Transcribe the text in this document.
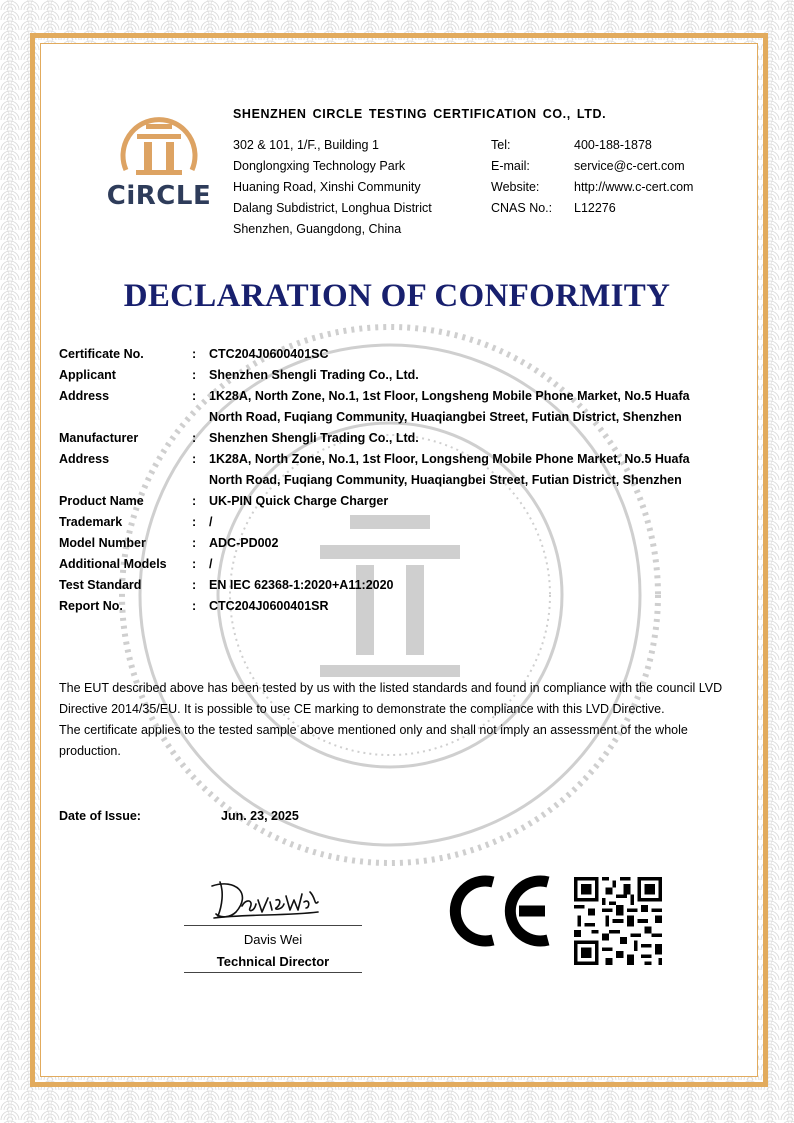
CiRCLE
SHENZHEN CIRCLE TESTING CERTIFICATION CO., LTD.
302 & 101, 1/F., Building 1
Donglongxing Technology Park
Huaning Road, Xinshi Community
Dalang Subdistrict, Longhua District
Shenzhen, Guangdong, China
Tel:	400-188-1878
E-mail:	service@c-cert.com
Website:	http://www.c-cert.com
CNAS No.:	L12276
DECLARATION OF CONFORMITY
Certificate No.	:	CTC204J0600401SC
Applicant	:	Shenzhen Shengli Trading Co., Ltd.
Address	:	1K28A, North Zone, No.1, 1st Floor, Longsheng Mobile Phone Market, No.5 Huafa North Road, Fuqiang Community, Huaqiangbei Street, Futian District, Shenzhen
Manufacturer	:	Shenzhen Shengli Trading Co., Ltd.
Address	:	1K28A, North Zone, No.1, 1st Floor, Longsheng Mobile Phone Market, No.5 Huafa North Road, Fuqiang Community, Huaqiangbei Street, Futian District, Shenzhen
Product Name	:	UK-PIN Quick Charge Charger
Trademark	:	/
Model Number	:	ADC-PD002
Additional Models	:	/
Test Standard	:	EN IEC 62368-1:2020+A11:2020
Report No.	:	CTC204J0600401SR

The EUT described above has been tested by us with the listed standards and found in compliance with the council LVD Directive 2014/35/EU. It is possible to use CE marking to demonstrate the compliance with this LVD Directive.

The certificate applies to the tested sample above mentioned only and shall not imply an assessment of the whole production.

Date of Issue:	Jun. 23, 2025
Davis Wei
Technical Director
